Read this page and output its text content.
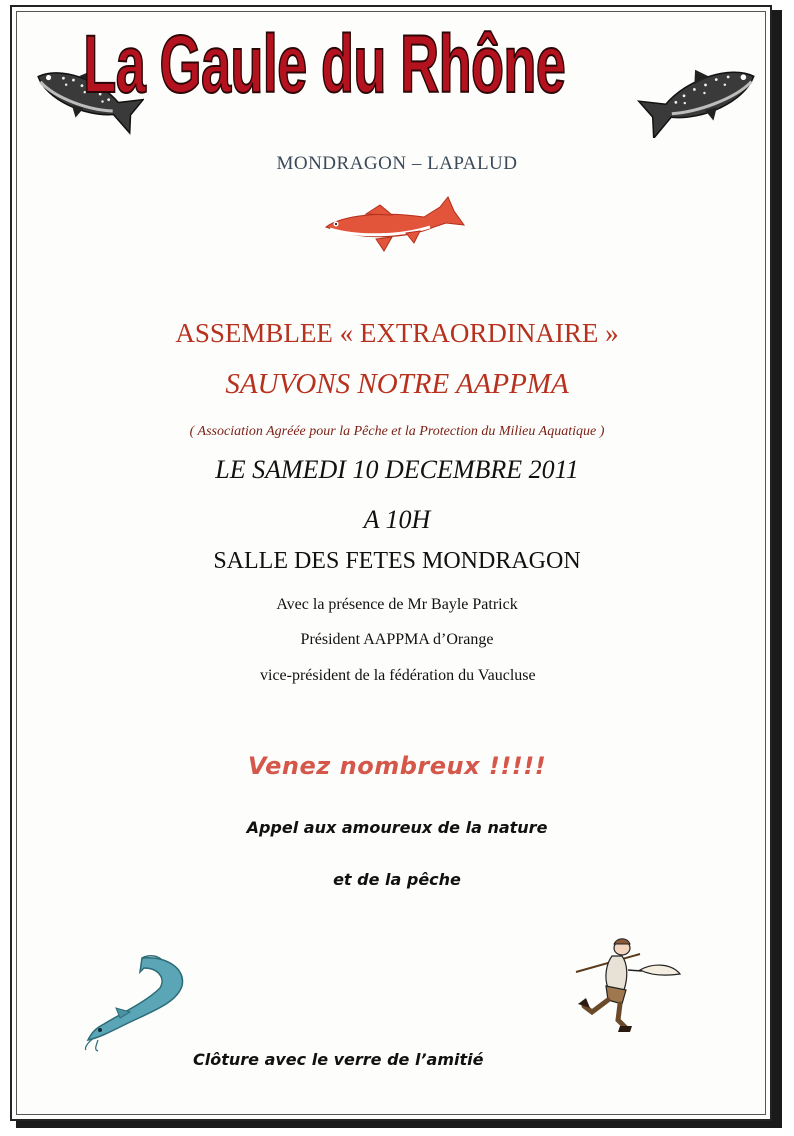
La Gaule du Rhône
MONDRAGON – LAPALUD
ASSEMBLEE « EXTRAORDINAIRE »
SAUVONS NOTRE AAPPMA
( Association Agréée pour la Pêche et la Protection du Milieu Aquatique )
LE SAMEDI 10 DECEMBRE 2011
A 10H
SALLE DES FETES MONDRAGON
Avec la présence de Mr Bayle Patrick
Président AAPPMA d’Orange
vice-président de la fédération du Vaucluse
Venez nombreux !!!!!
Appel aux amoureux de la nature
et de la pêche
Clôture avec le verre de l’amitié
